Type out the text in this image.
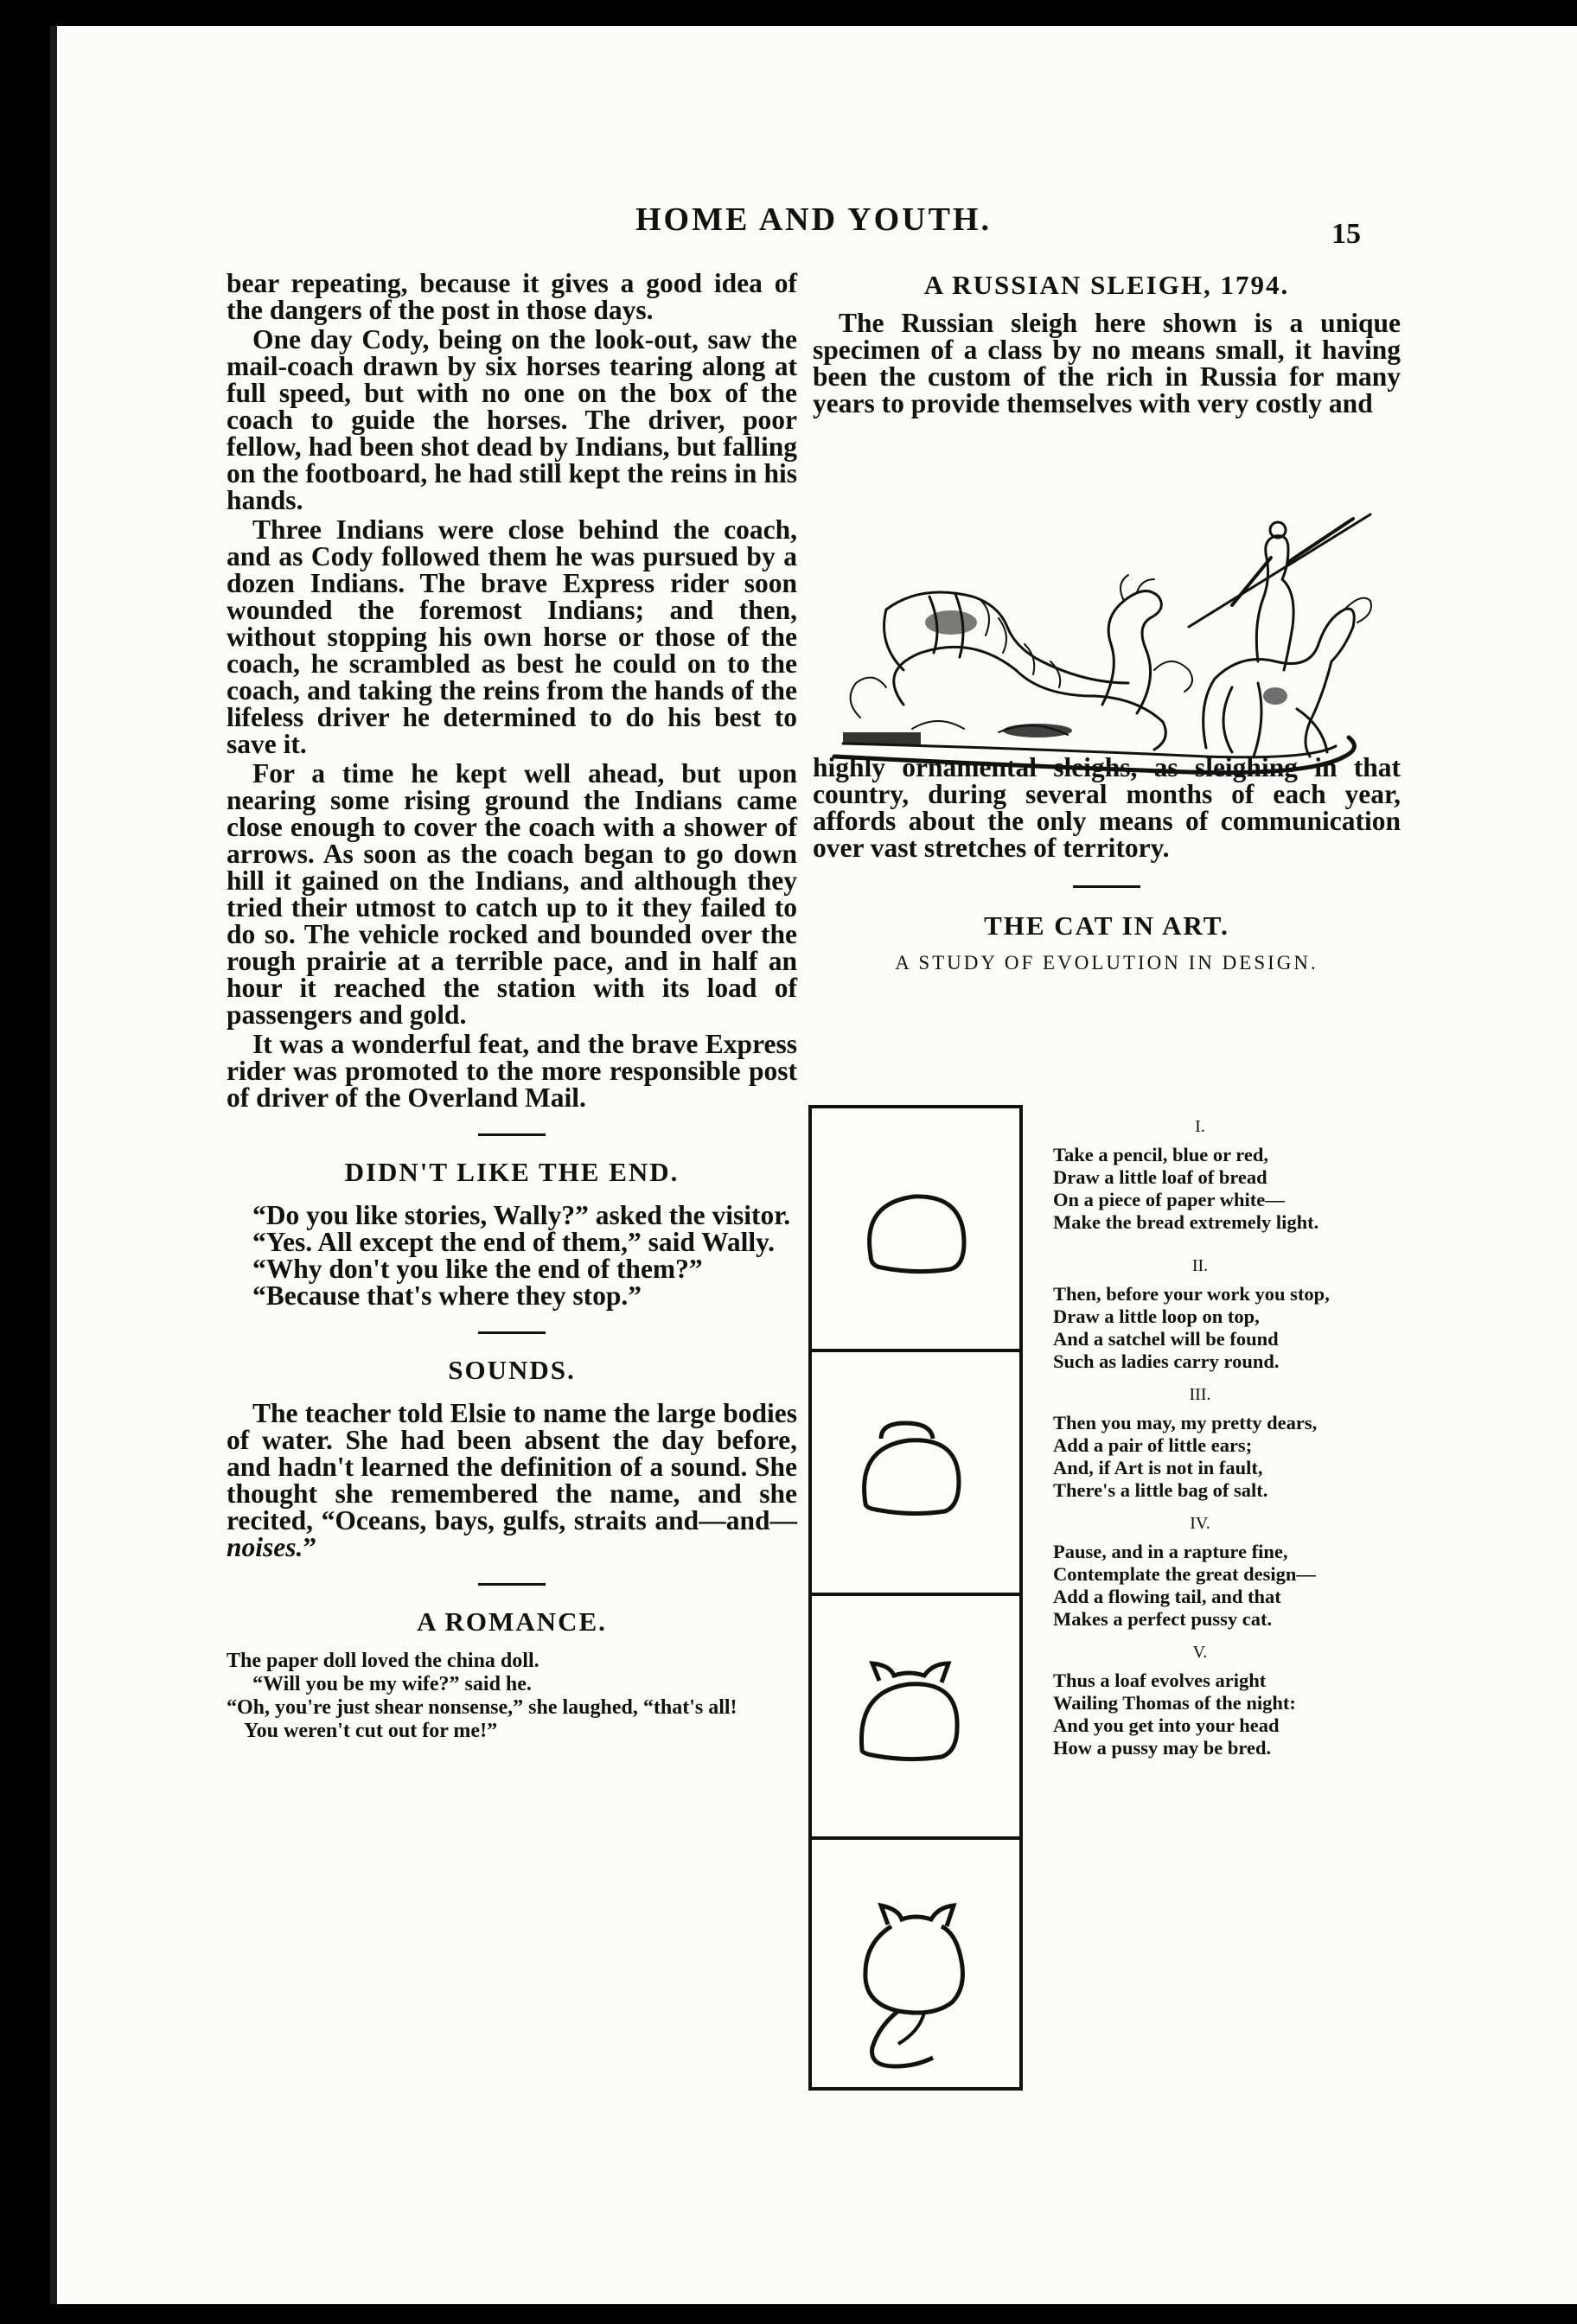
HOME AND YOUTH.	15

bear repeating, because it gives a good idea of the dangers of the post in those days.

One day Cody, being on the look-out, saw the mail-coach drawn by six horses tearing along at full speed, but with no one on the box of the coach to guide the horses. The driver, poor fellow, had been shot dead by Indians, but falling on the footboard, he had still kept the reins in his hands.

Three Indians were close behind the coach, and as Cody followed them he was pursued by a dozen Indians. The brave Express rider soon wounded the foremost Indians; and then, without stopping his own horse or those of the coach, he scrambled as best he could on to the coach, and taking the reins from the hands of the lifeless driver he determined to do his best to save it.

For a time he kept well ahead, but upon nearing some rising ground the Indians came close enough to cover the coach with a shower of arrows. As soon as the coach began to go down hill it gained on the Indians, and although they tried their utmost to catch up to it they failed to do so. The vehicle rocked and bounded over the rough prairie at a terrible pace, and in half an hour it reached the station with its load of passengers and gold.

It was a wonderful feat, and the brave Express rider was promoted to the more responsible post of driver of the Overland Mail.

DIDN'T LIKE THE END.

“Do you like stories, Wally?” asked the visitor.

“Yes. All except the end of them,” said Wally.

“Why don't you like the end of them?”

“Because that's where they stop.”

SOUNDS.

The teacher told Elsie to name the large bodies of water. She had been absent the day before, and hadn't learned the definition of a sound. She thought she remembered the name, and she recited, “Oceans, bays, gulfs, straits and—and—noises.”

A ROMANCE.

The paper doll loved the china doll.

“Will you be my wife?” said he.

“Oh, you're just shear nonsense,” she laughed, “that's all!

You weren't cut out for me!”

A RUSSIAN SLEIGH, 1794.

The Russian sleigh here shown is a unique specimen of a class by no means small, it having been the custom of the rich in Russia for many years to provide themselves with very costly and

highly ornamental sleighs, as sleighing in that country, during several months of each year, affords about the only means of communication over vast stretches of territory.

THE CAT IN ART.
A STUDY OF EVOLUTION IN DESIGN.
I.
Take a pencil, blue or red,
Draw a little loaf of bread
On a piece of paper white—
Make the bread extremely light.
II.
Then, before your work you stop,
Draw a little loop on top,
And a satchel will be found
Such as ladies carry round.
III.
Then you may, my pretty dears,
Add a pair of little ears;
And, if Art is not in fault,
There's a little bag of salt.
IV.
Pause, and in a rapture fine,
Contemplate the great design—
Add a flowing tail, and that
Makes a perfect pussy cat.
V.
Thus a loaf evolves aright
Wailing Thomas of the night:
And you get into your head
How a pussy may be bred.
